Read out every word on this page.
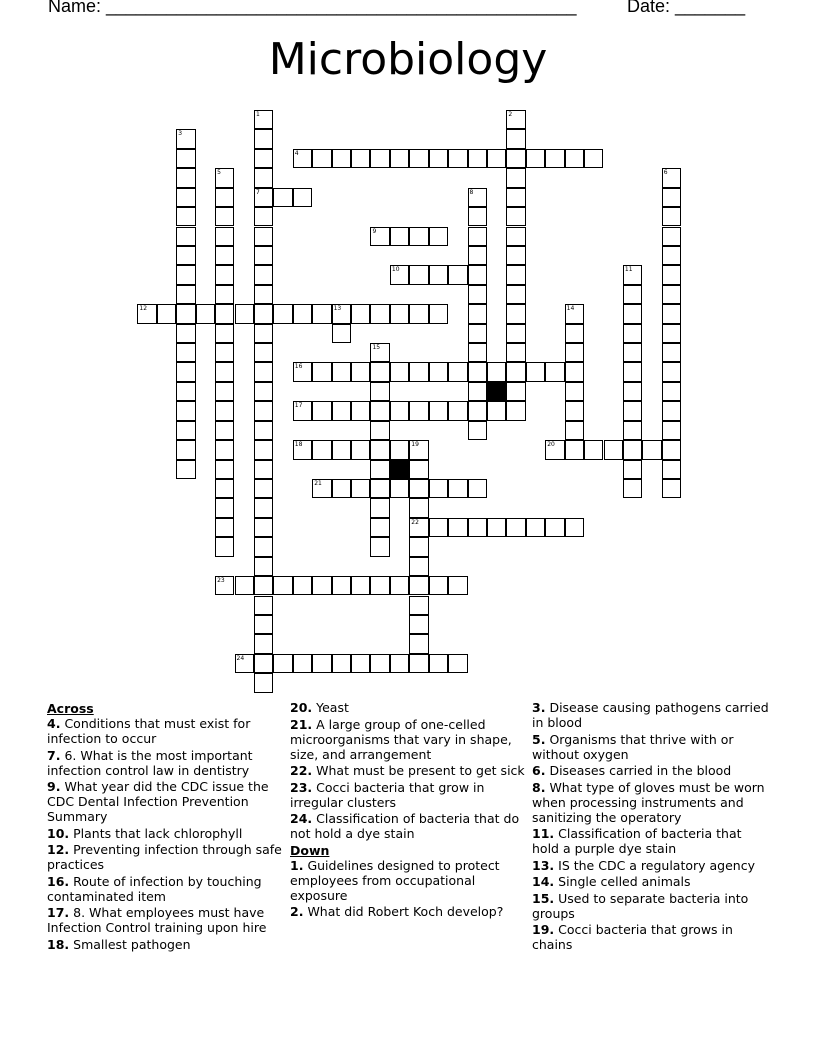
Name: _______________________________________________	Date: _______
Microbiology
1
7
2
3
4
5	6
8
9
10	11
12	13	14
16
15
17
18	19
22
20
21
23
24
Across
4. Conditions that must exist for infection to occur
7. 6. What is the most important infection control law in dentistry
9. What year did the CDC issue the CDC Dental Infection Prevention Summary
10. Plants that lack chlorophyll
12. Preventing infection through safe practices
16. Route of infection by touching contaminated item
17. 8. What employees must have Infection Control training upon hire
18. Smallest pathogen
20. Yeast
21. A large group of one-celled microorganisms that vary in shape, size, and arrangement
22. What must be present to get sick
23. Cocci bacteria that grow in irregular clusters
24. Classification of bacteria that do not hold a dye stain
Down
1. Guidelines designed to protect employees from occupational exposure
2. What did Robert Koch develop?
3. Disease causing pathogens carried in blood
5. Organisms that thrive with or without oxygen
6. Diseases carried in the blood
8. What type of gloves must be worn when processing instruments and sanitizing the operatory
11. Classification of bacteria that hold a purple dye stain
13. IS the CDC a regulatory agency
14. Single celled animals
15. Used to separate bacteria into groups
19. Cocci bacteria that grows in chains
